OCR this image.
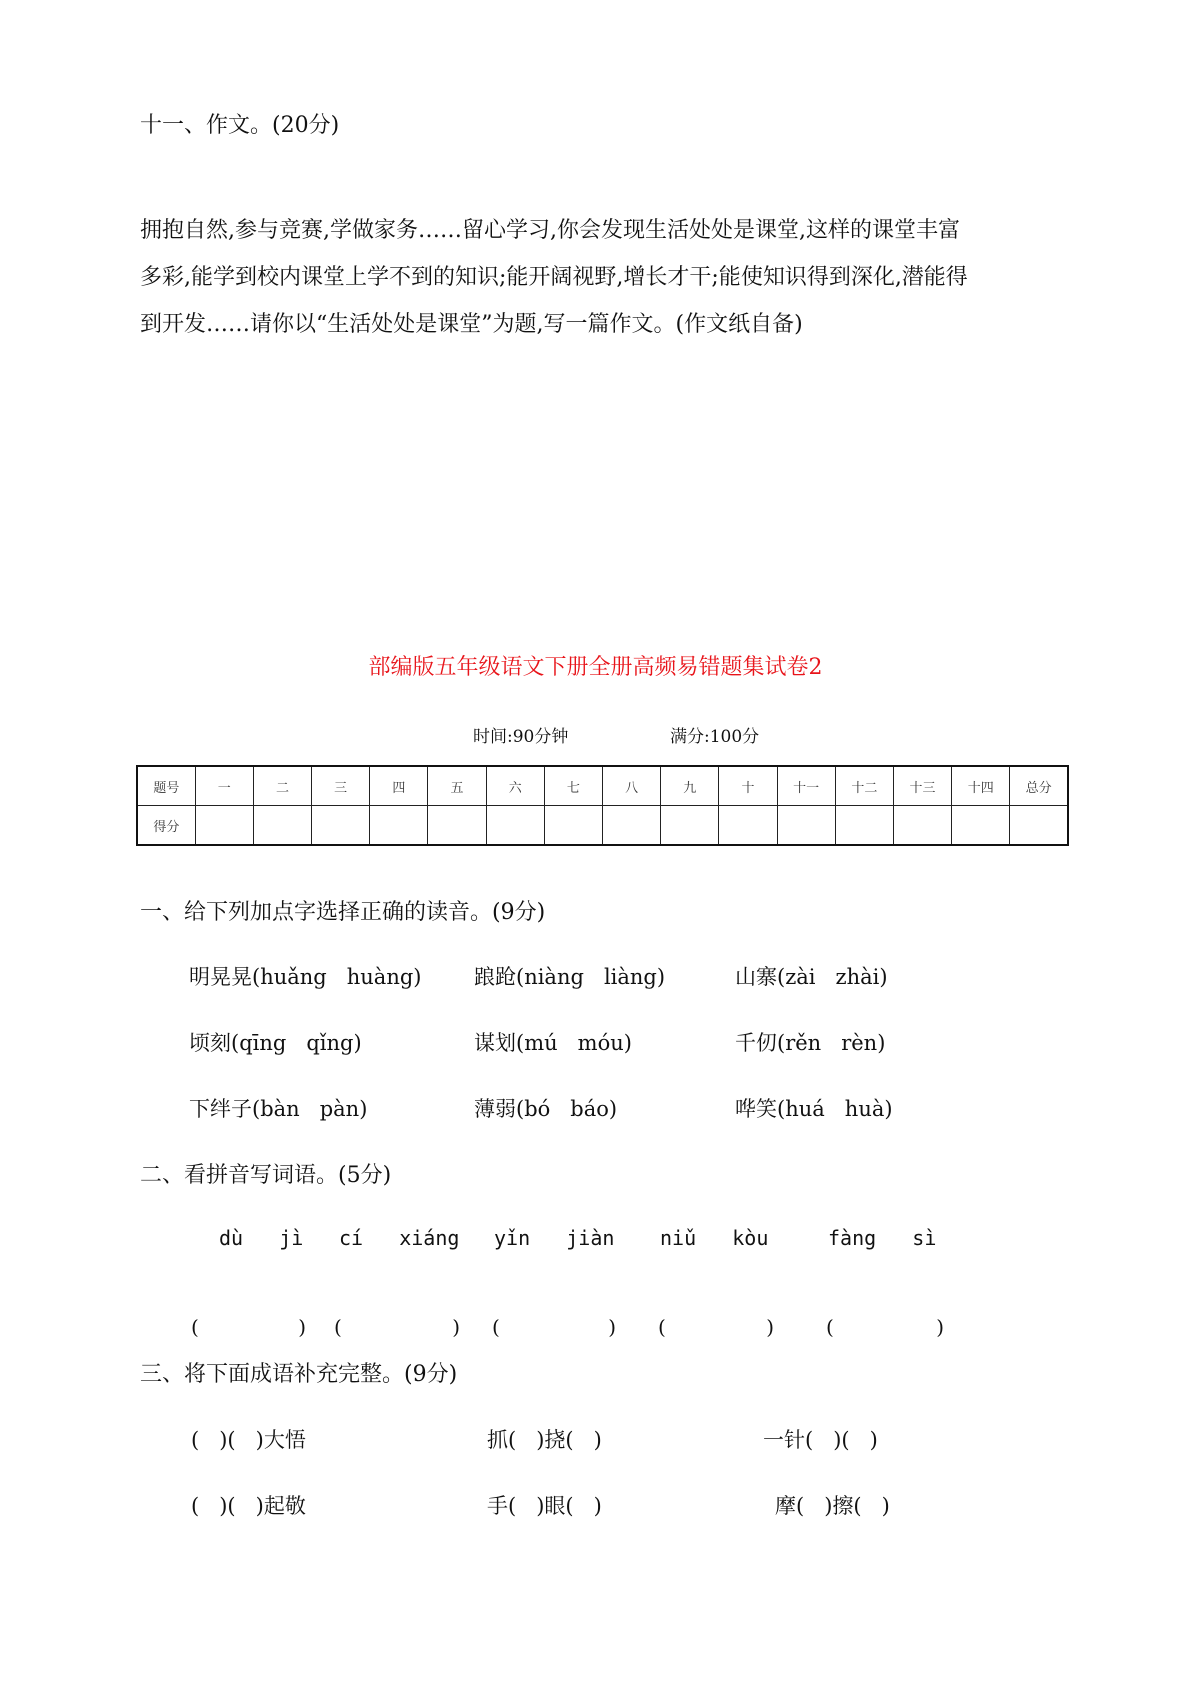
十一、作文。(20分)
拥抱自然,参与竞赛,学做家务……留心学习,你会发现生活处处是课堂,这样的课堂丰富
多彩,能学到校内课堂上学不到的知识;能开阔视野,增长才干;能使知识得到深化,潜能得
到开发……请你以“生活处处是课堂”为题,写一篇作文。(作文纸自备)
部编版五年级语文下册全册高频易错题集试卷2
时间:90分钟	满分:100分
题号	一	二	三	四	五	六	七	八	九	十	十一	十二	十三	十四	总分
得分															
一、给下列加点字选择正确的读音。(9分)
明晃晃(huǎng   huàng)	踉跄(niàng   liàng)	山寨(zài   zhài)
顷刻(qīng   qǐng)	谋划(mú   móu)	千仞(rěn   rèn)
下绊子(bàn   pàn)	薄弱(bó   báo)	哗笑(huá   huà)
二、看拼音写词语。(5分)
dù   jì cí   xiáng yǐn   jiàn niǔ   kòu	fàng   sì

(	)

(	)

(	)

(	)

	(	)

三、将下面成语补充完整。(9分)
(   )(   )大悟	抓(   )挠(   )	一针(   )(   )
(   )(   )起敬	手(   )眼(   )	摩(   )擦(   )
